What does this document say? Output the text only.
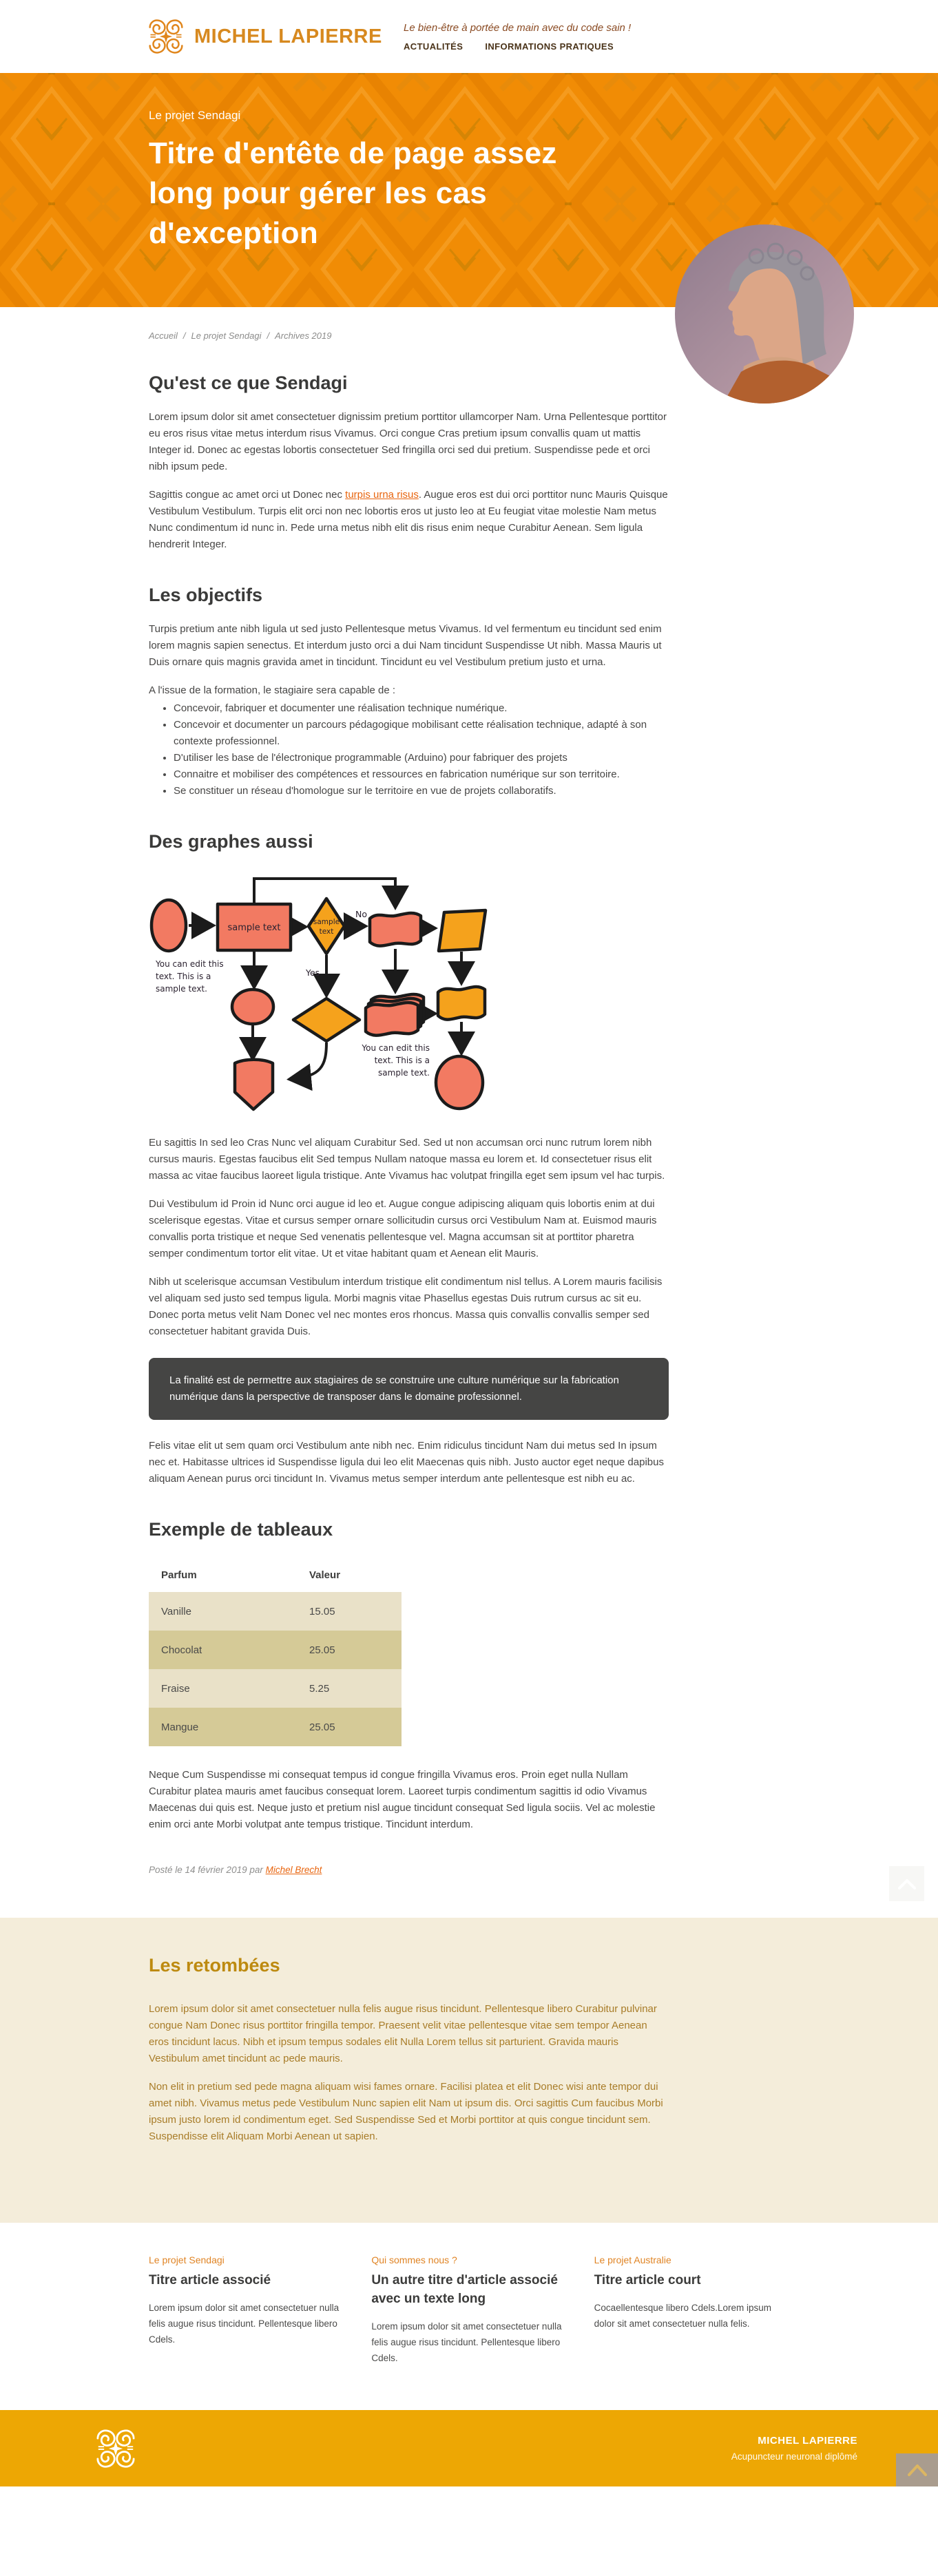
MICHEL LAPIERRE Le bien-être à portée de main avec du code sain !
ACTUALITÉS INFORMATIONS PRATIQUES

Le projet Sendagi

Titre d'entête de page assez
long pour gérer les cas
d'exception
Accueil / Le projet Sendagi / Archives 2019
Qu'est ce que Sendagi

Lorem ipsum dolor sit amet consectetuer dignissim pretium porttitor ullamcorper Nam. Urna Pellentesque porttitor eu eros risus vitae metus interdum risus Vivamus. Orci congue Cras pretium ipsum convallis quam ut mattis Integer id. Donec ac egestas lobortis consectetuer Sed fringilla orci sed dui pretium. Suspendisse pede et orci nibh ipsum pede.

Sagittis congue ac amet orci ut Donec nec turpis urna risus. Augue eros est dui orci porttitor nunc Mauris Quisque Vestibulum Vestibulum. Turpis elit orci non nec lobortis eros ut justo leo at Eu feugiat vitae molestie Nam metus Nunc condimentum id nunc in. Pede urna metus nibh elit dis risus enim neque Curabitur Aenean. Sem ligula hendrerit Integer.

Les objectifs

Turpis pretium ante nibh ligula ut sed justo Pellentesque metus Vivamus. Id vel fermentum eu tincidunt sed enim lorem magnis sapien senectus. Et interdum justo orci a dui Nam tincidunt Suspendisse Ut nibh. Massa Mauris ut Duis ornare quis magnis gravida amet in tincidunt. Tincidunt eu vel Vestibulum pretium justo et urna.

A l'issue de la formation, le stagiaire sera capable de :

• Concevoir, fabriquer et documenter une réalisation technique numérique.
• Concevoir et documenter un parcours pédagogique mobilisant cette réalisation technique, adapté à son contexte professionnel.
• D'utiliser les base de l'électronique programmable (Arduino) pour fabriquer des projets
• Connaitre et mobiliser des compétences et ressources en fabrication numérique sur son territoire.
• Se constituer un réseau d'homologue sur le territoire en vue de projets collaboratifs.
Des graphes aussi
sample text
sample
text
No
Yes
You can edit this
text. This is a
sample text.
You can edit this
text. This is a
sample text.

Eu sagittis In sed leo Cras Nunc vel aliquam Curabitur Sed. Sed ut non accumsan orci nunc rutrum lorem nibh cursus mauris. Egestas faucibus elit Sed tempus Nullam natoque massa eu lorem et. Id consectetuer risus elit massa ac vitae faucibus laoreet ligula tristique. Ante Vivamus hac volutpat fringilla eget sem ipsum vel hac turpis.

Dui Vestibulum id Proin id Nunc orci augue id leo et. Augue congue adipiscing aliquam quis lobortis enim at dui scelerisque egestas. Vitae et cursus semper ornare sollicitudin cursus orci Vestibulum Nam at. Euismod mauris convallis porta tristique et neque Sed venenatis pellentesque vel. Magna accumsan sit at porttitor pharetra semper condimentum tortor elit vitae. Ut et vitae habitant quam et Aenean elit Mauris.

Nibh ut scelerisque accumsan Vestibulum interdum tristique elit condimentum nisl tellus. A Lorem mauris facilisis vel aliquam sed justo sed tempus ligula. Morbi magnis vitae Phasellus egestas Duis rutrum cursus ac sit eu. Donec porta metus velit Nam Donec vel nec montes eros rhoncus. Massa quis convallis convallis semper sed consectetuer habitant gravida Duis.

La finalité est de permettre aux stagiaires de se construire une culture numérique sur la fabrication numérique dans la perspective de transposer dans le domaine professionnel.

Felis vitae elit ut sem quam orci Vestibulum ante nibh nec. Enim ridiculus tincidunt Nam dui metus sed In ipsum nec et. Habitasse ultrices id Suspendisse ligula dui leo elit Maecenas quis nibh. Justo auctor eget neque dapibus aliquam Aenean purus orci tincidunt In. Vivamus metus semper interdum ante pellentesque est nibh eu ac.

Exemple de tableaux
Parfum	Valeur
Vanille	15.05
Chocolat	25.05
Fraise	5.25
Mangue	25.05

Neque Cum Suspendisse mi consequat tempus id congue fringilla Vivamus eros. Proin eget nulla Nullam Curabitur platea mauris amet faucibus consequat lorem. Laoreet turpis condimentum sagittis id odio Vivamus Maecenas dui quis est. Neque justo et pretium nisl augue tincidunt consequat Sed ligula sociis. Vel ac molestie enim orci ante Morbi volutpat ante tempus tristique. Tincidunt interdum.

Posté le 14 février 2019 par Michel Brecht
Les retombées

Lorem ipsum dolor sit amet consectetuer nulla felis augue risus tincidunt. Pellentesque libero Curabitur pulvinar congue Nam Donec risus porttitor fringilla tempor. Praesent velit vitae pellentesque vitae sem tempor Aenean eros tincidunt lacus. Nibh et ipsum tempus sodales elit Nulla Lorem tellus sit parturient. Gravida mauris Vestibulum amet tincidunt ac pede mauris.

Non elit in pretium sed pede magna aliquam wisi fames ornare. Facilisi platea et elit Donec wisi ante tempor dui amet nibh. Vivamus metus pede Vestibulum Nunc sapien elit Nam ut ipsum dis. Orci sagittis Cum faucibus Morbi ipsum justo lorem id condimentum eget. Sed Suspendisse Sed et Morbi porttitor at quis congue tincidunt sem. Suspendisse elit Aliquam Morbi Aenean ut sapien.

Le projet Sendagi

Titre article associé
Lorem ipsum dolor sit amet consectetuer nulla felis augue risus tincidunt. Pellentesque libero Cdels.

Qui sommes nous ?

Un autre titre d'article associé avec un texte long
Lorem ipsum dolor sit amet consectetuer nulla felis augue risus tincidunt. Pellentesque libero Cdels.

Le projet Australie

Titre article court
Cocaellentesque libero Cdels.Lorem ipsum dolor sit amet consectetuer nulla felis.
MICHEL LAPIERRE
Acupuncteur neuronal diplômé
